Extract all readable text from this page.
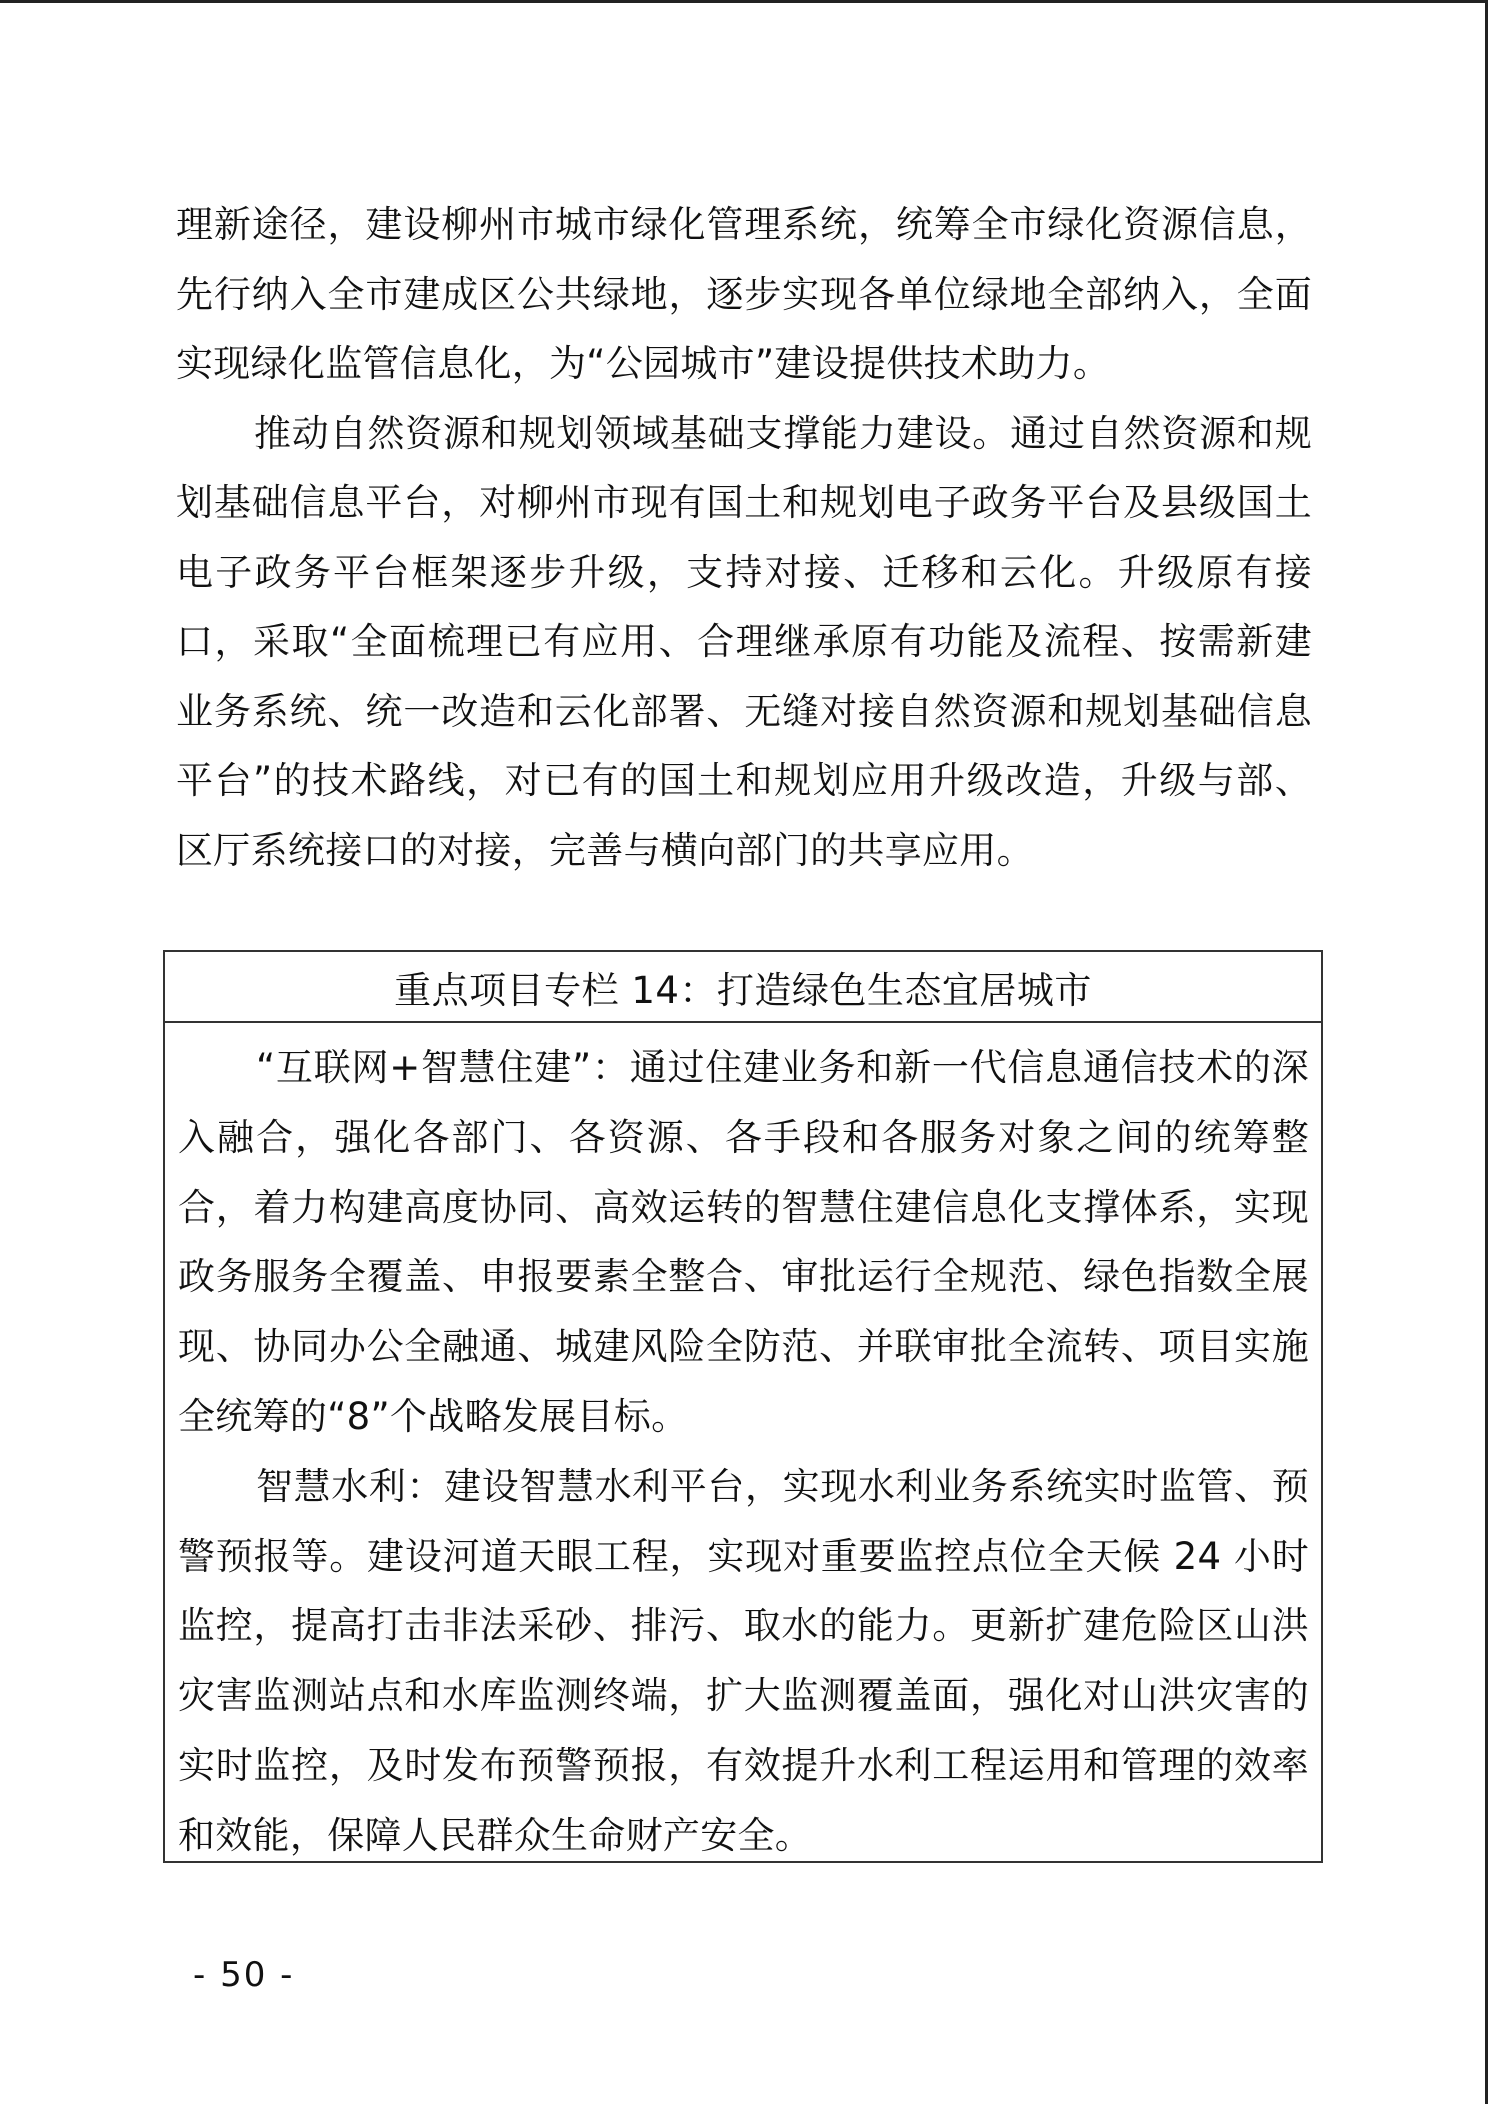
理新途径，建设柳州市城市绿化管理系统，统筹全市绿化资源信息，先行纳入全市建成区公共绿地，逐步实现各单位绿地全部纳入，全面实现绿化监管信息化，为“公园城市”建设提供技术助力。

推动自然资源和规划领域基础支撑能力建设。通过自然资源和规划基础信息平台，对柳州市现有国土和规划电子政务平台及县级国土电子政务平台框架逐步升级，支持对接、迁移和云化。升级原有接口，采取“全面梳理已有应用、合理继承原有功能及流程、按需新建业务系统、统一改造和云化部署、无缝对接自然资源和规划基础信息平台”的技术路线，对已有的国土和规划应用升级改造，升级与部、区厅系统接口的对接，完善与横向部门的共享应用。

重点项目专栏 14：打造绿色生态宜居城市

“互联网+智慧住建”：通过住建业务和新一代信息通信技术的深入融合，强化各部门、各资源、各手段和各服务对象之间的统筹整合，着力构建高度协同、高效运转的智慧住建信息化支撑体系，实现政务服务全覆盖、申报要素全整合、审批运行全规范、绿色指数全展现、协同办公全融通、城建风险全防范、并联审批全流转、项目实施全统筹的“8”个战略发展目标。

智慧水利：建设智慧水利平台，实现水利业务系统实时监管、预警预报等。建设河道天眼工程，实现对重要监控点位全天候 24 小时监控，提高打击非法采砂、排污、取水的能力。更新扩建危险区山洪灾害监测站点和水库监测终端，扩大监测覆盖面，强化对山洪灾害的实时监控，及时发布预警预报，有效提升水利工程运用和管理的效率和效能，保障人民群众生命财产安全。

- 50 -
